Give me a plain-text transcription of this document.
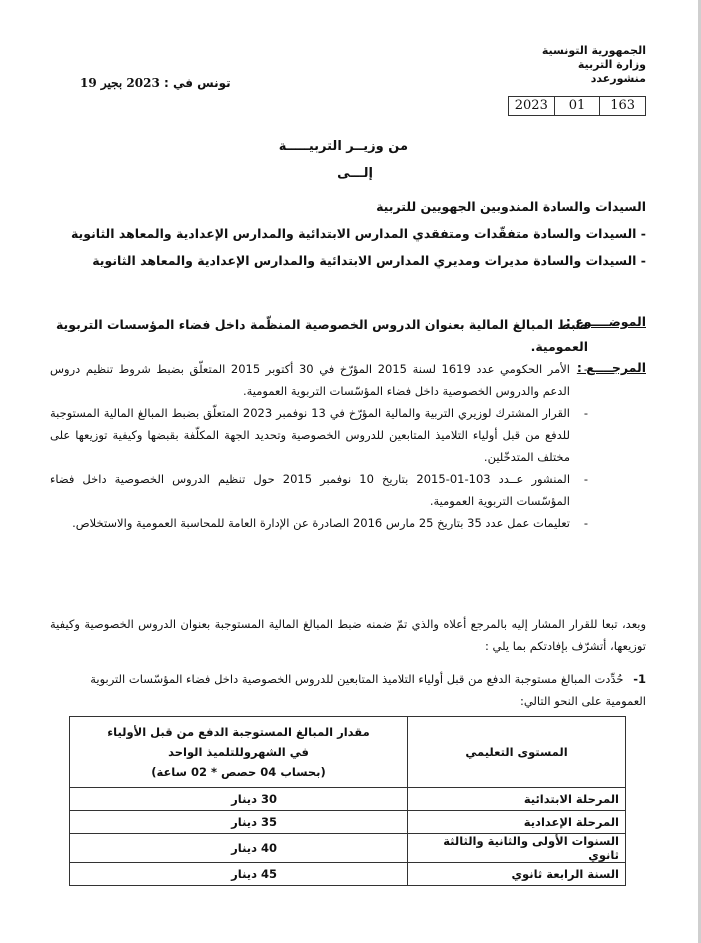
الجمهورية التونسية
وزارة التربية
منشورعدد
163
01
2023
تونس في : 2023 بجير 19
من وزيــر التربيـــــة
إلـــى
السيدات والسادة المندوبين الجهويين للتربية
- السيدات والسادة متفقّدات ومتفقدي المدارس الابتدائية والمدارس الإعدادية والمعاهد الثانوية
- السيدات والسادة مديرات ومديري المدارس الابتدائية والمدارس الإعدادية والمعاهد الثانوية
الموضــــوع :
ضبط المبالغ المالية بعنوان الدروس الخصوصية المنظّمة داخل فضاء المؤسسات التربوية
العمومية.
المرجــــع :
- الأمر الحكومي عدد 1619 لسنة 2015 المؤرّخ في 30 أكتوبر 2015 المتعلّق بضبط شروط تنظيم دروس الدعم والدروس الخصوصية داخل فضاء المؤسّسات التربوية العمومية.
- القرار المشترك لوزيري التربية والمالية المؤرّخ في 13 نوفمبر 2023 المتعلّق بضبط المبالغ المالية المستوجبة للدفع من قبل أولياء التلاميذ المتابعين للدروس الخصوصية وتحديد الجهة المكلّفة بقبضها وكيفية توزيعها على مختلف المتدخّلين.
- المنشور عــدد 103-01-2015 بتاريخ 10 نوفمبر 2015 حول تنظيم الدروس الخصوصية داخل فضاء المؤسّسات التربوية العمومية.
- تعليمات عمل عدد 35 بتاريخ 25 مارس 2016 الصادرة عن الإدارة العامة للمحاسبة العمومية والاستخلاص.
وبعد، تبعا للقرار المشار إليه بالمرجع أعلاه والذي تمّ ضمنه ضبط المبالغ المالية المستوجبة بعنوان الدروس الخصوصية وكيفية توزيعها، أتشرّف بإفادتكم بما يلي :
1- حُدِّدت المبالغ مستوجبة الدفع من قبل أولياء التلاميذ المتابعين للدروس الخصوصية داخل فضاء المؤسّسات التربوية العمومية على النحو التالي:
المستوى التعليمي	مقدار المبالغ المستوجبة الدفع من قبل الأولياء
في الشهروللتلميذ الواحد
(بحساب 04 حصص * 02 ساعة)

المرحلة الابتدائية	30 دينار
المرحلة الإعدادية	35 دينار
السنوات الأولى والثانية والثالثة ثانوي	40 دينار
السنة الرابعة ثانوي	45 دينار
